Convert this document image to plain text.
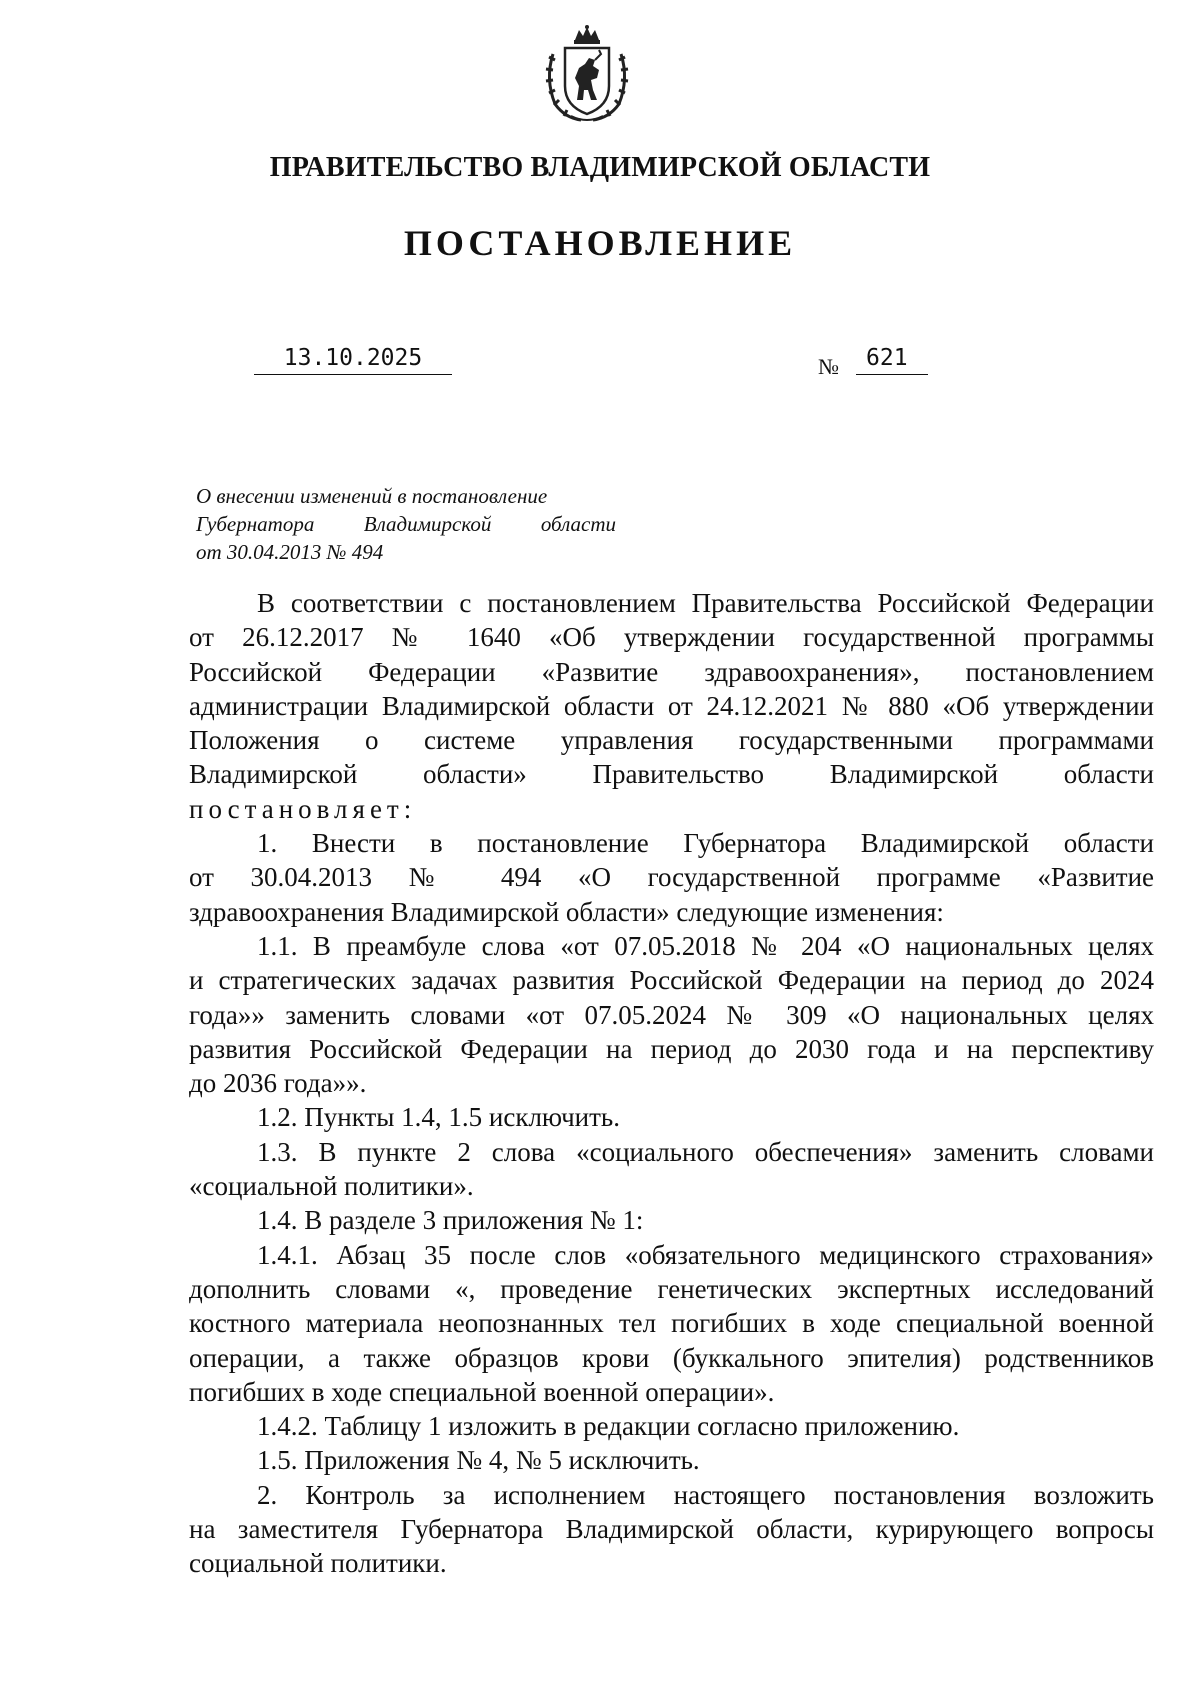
ПРАВИТЕЛЬСТВО ВЛАДИМИРСКОЙ ОБЛАСТИ
ПОСТАНОВЛЕНИЕ
13.10.2025	№	621
О внесении изменений в постановление
Губернатора Владимирской области
от 30.04.2013 № 494
В соответствии с постановлением Правительства Российской Федерации
от 26.12.2017 № 1640 «Об утверждении государственной программы
Российской Федерации «Развитие здравоохранения», постановлением
администрации Владимирской области от 24.12.2021 № 880 «Об утверждении
Положения о системе управления государственными программами
Владимирской области» Правительство Владимирской области
постановляет:
1. Внести в постановление Губернатора Владимирской области
от 30.04.2013 № 494 «О государственной программе «Развитие
здравоохранения Владимирской области» следующие изменения:
1.1. В преамбуле слова «от 07.05.2018 № 204 «О национальных целях
и стратегических задачах развития Российской Федерации на период до 2024
года»» заменить словами «от 07.05.2024 № 309 «О национальных целях
развития Российской Федерации на период до 2030 года и на перспективу
до 2036 года»».
1.2. Пункты 1.4, 1.5 исключить.
1.3. В пункте 2 слова «социального обеспечения» заменить словами
«социальной политики».
1.4. В разделе 3 приложения № 1:
1.4.1. Абзац 35 после слов «обязательного медицинского страхования»
дополнить словами «, проведение генетических экспертных исследований
костного материала неопознанных тел погибших в ходе специальной военной
операции, а также образцов крови (буккального эпителия) родственников
погибших в ходе специальной военной операции».
1.4.2. Таблицу 1 изложить в редакции согласно приложению.
1.5. Приложения № 4, № 5 исключить.
2. Контроль за исполнением настоящего постановления возложить
на заместителя Губернатора Владимирской области, курирующего вопросы
социальной политики.
